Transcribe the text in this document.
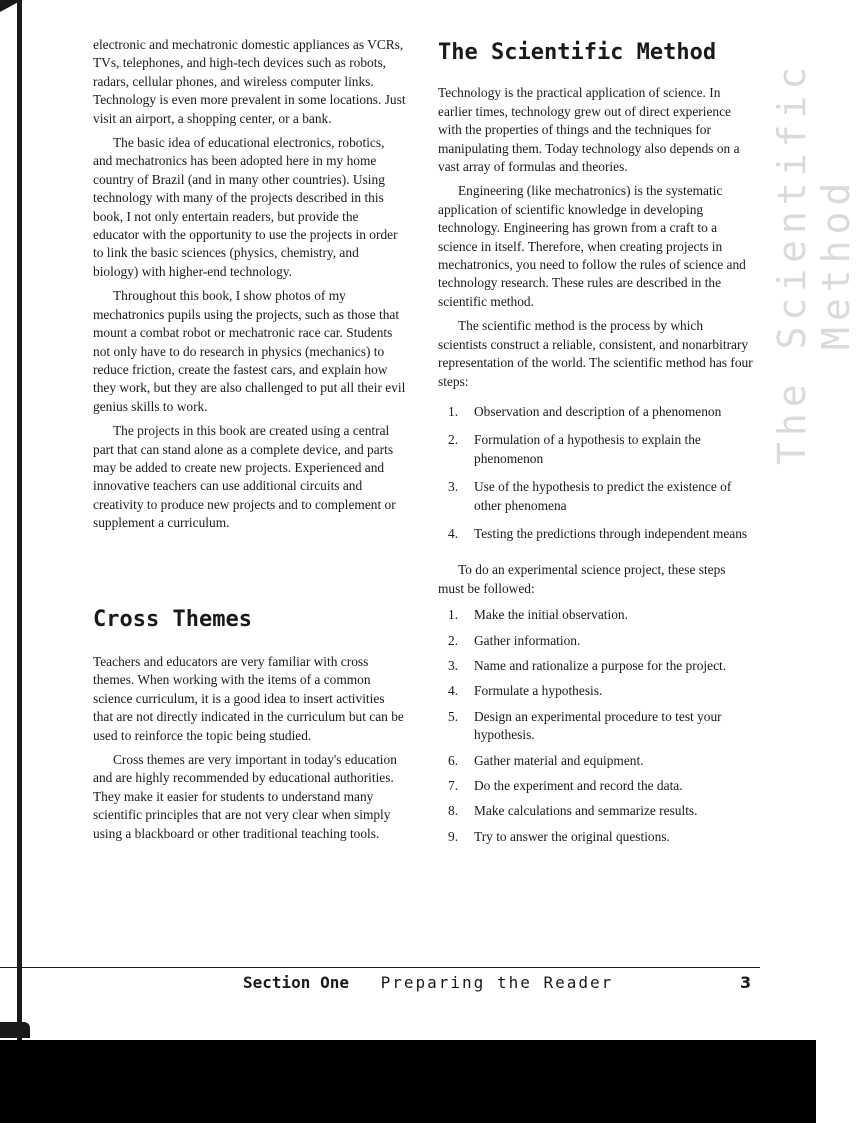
The Scientific Method

electronic and mechatronic domestic appliances as VCRs, TVs, telephones, and high-tech devices such as robots, radars, cellular phones, and wireless computer links. Technology is even more prevalent in some locations. Just visit an airport, a shopping center, or a bank.

The basic idea of educational electronics, robotics, and mechatronics has been adopted here in my home country of Brazil (and in many other countries). Using technology with many of the projects described in this book, I not only entertain readers, but provide the educator with the opportunity to use the projects in order to link the basic sciences (physics, chemistry, and biology) with higher-end technology.

Throughout this book, I show photos of my mechatronics pupils using the projects, such as those that mount a combat robot or mechatronic race car. Students not only have to do research in physics (mechanics) to reduce friction, create the fastest cars, and explain how they work, but they are also challenged to put all their evil genius skills to work.

The projects in this book are created using a central part that can stand alone as a complete device, and parts may be added to create new projects. Experienced and innovative teachers can use additional circuits and creativity to produce new projects and to complement or supplement a curriculum.

Cross Themes

Teachers and educators are very familiar with cross themes. When working with the items of a common science curriculum, it is a good idea to insert activities that are not directly indicated in the curriculum but can be used to reinforce the topic being studied.

Cross themes are very important in today's education and are highly recommended by educational authorities. They make it easier for students to understand many scientific principles that are not very clear when simply using a blackboard or other traditional teaching tools.

The Scientific Method

Technology is the practical application of science. In earlier times, technology grew out of direct experience with the properties of things and the techniques for manipulating them. Today technology also depends on a vast array of formulas and theories.

Engineering (like mechatronics) is the systematic application of scientific knowledge in developing technology. Engineering has grown from a craft to a science in itself. Therefore, when creating projects in mechatronics, you need to follow the rules of science and technology research. These rules are described in the scientific method.

The scientific method is the process by which scientists construct a reliable, consistent, and nonarbitrary representation of the world. The scientific method has four steps:

1. Observation and description of a phenomenon
2. Formulation of a hypothesis to explain the phenomenon
3. Use of the hypothesis to predict the existence of other phenomena
4. Testing the predictions through independent means

To do an experimental science project, these steps must be followed:

1. Make the initial observation.
2. Gather information.
3. Name and rationalize a purpose for the project.
4. Formulate a hypothesis.
5. Design an experimental procedure to test your hypothesis.
6. Gather material and equipment.
7. Do the experiment and record the data.
8. Make calculations and semmarize results.
9. Try to answer the original questions.
Section One Preparing the Reader	3
